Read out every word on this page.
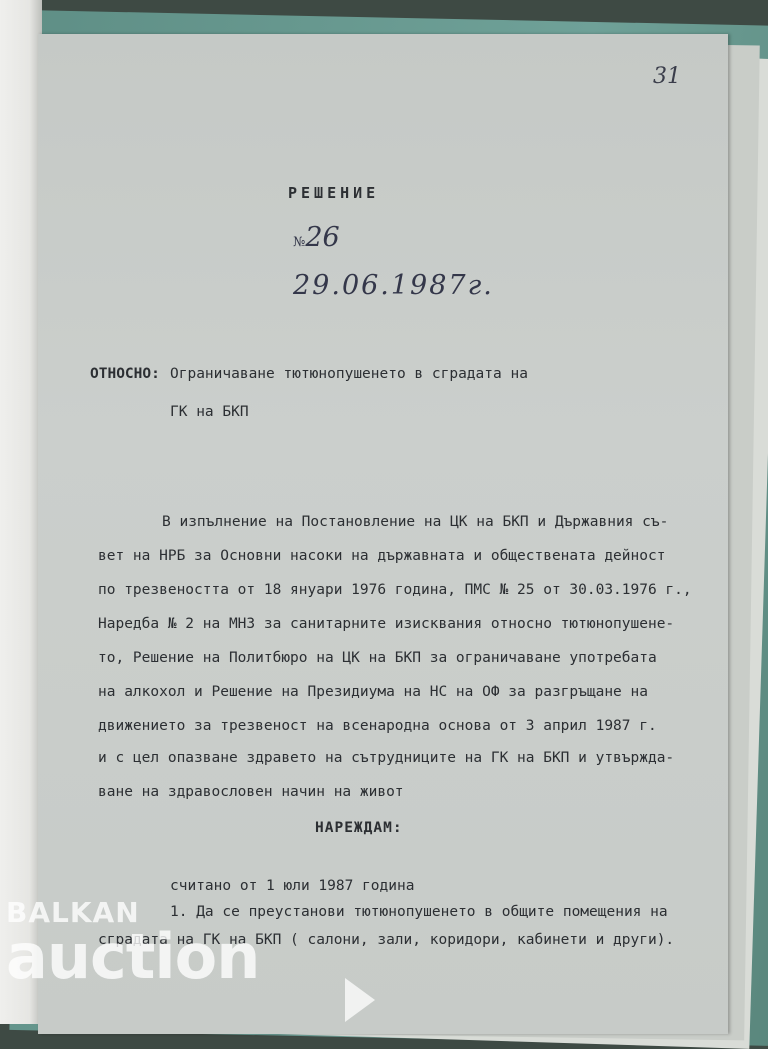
31
РЕШЕНИЕ
№26
29.06.1987г.
ОТНОСНО: Ограничаване тютюнопушенето в сградата на
ГК на БКП
В изпълнение на Постановление на ЦК на БКП и Държавния съ-
вет на НРБ за Основни насоки на държавната и обществената дейност
по трезвеността от 18 януари 1976 година, ПМС № 25 от 30.03.1976 г.,
Наредба № 2 на МНЗ за санитарните изисквания относно тютюнопушене-
то, Решение на Политбюро на ЦК на БКП за ограничаване употребата
на алкохол и Решение на Президиума на НС на ОФ за разгръщане на
движението за трезвеност на всенародна основа от 3 април 1987 г.
и с цел опазване здравето на сътрудниците на ГК на БКП и утвържда-
ване на здравословен начин на живот
НАРЕЖДАМ:
считано от 1 юли 1987 година
1. Да се преустанови тютюнопушенето в общите помещения на
сградата на ГК на БКП ( салони, зали, коридори, кабинети и други).
BALKAN
auction
